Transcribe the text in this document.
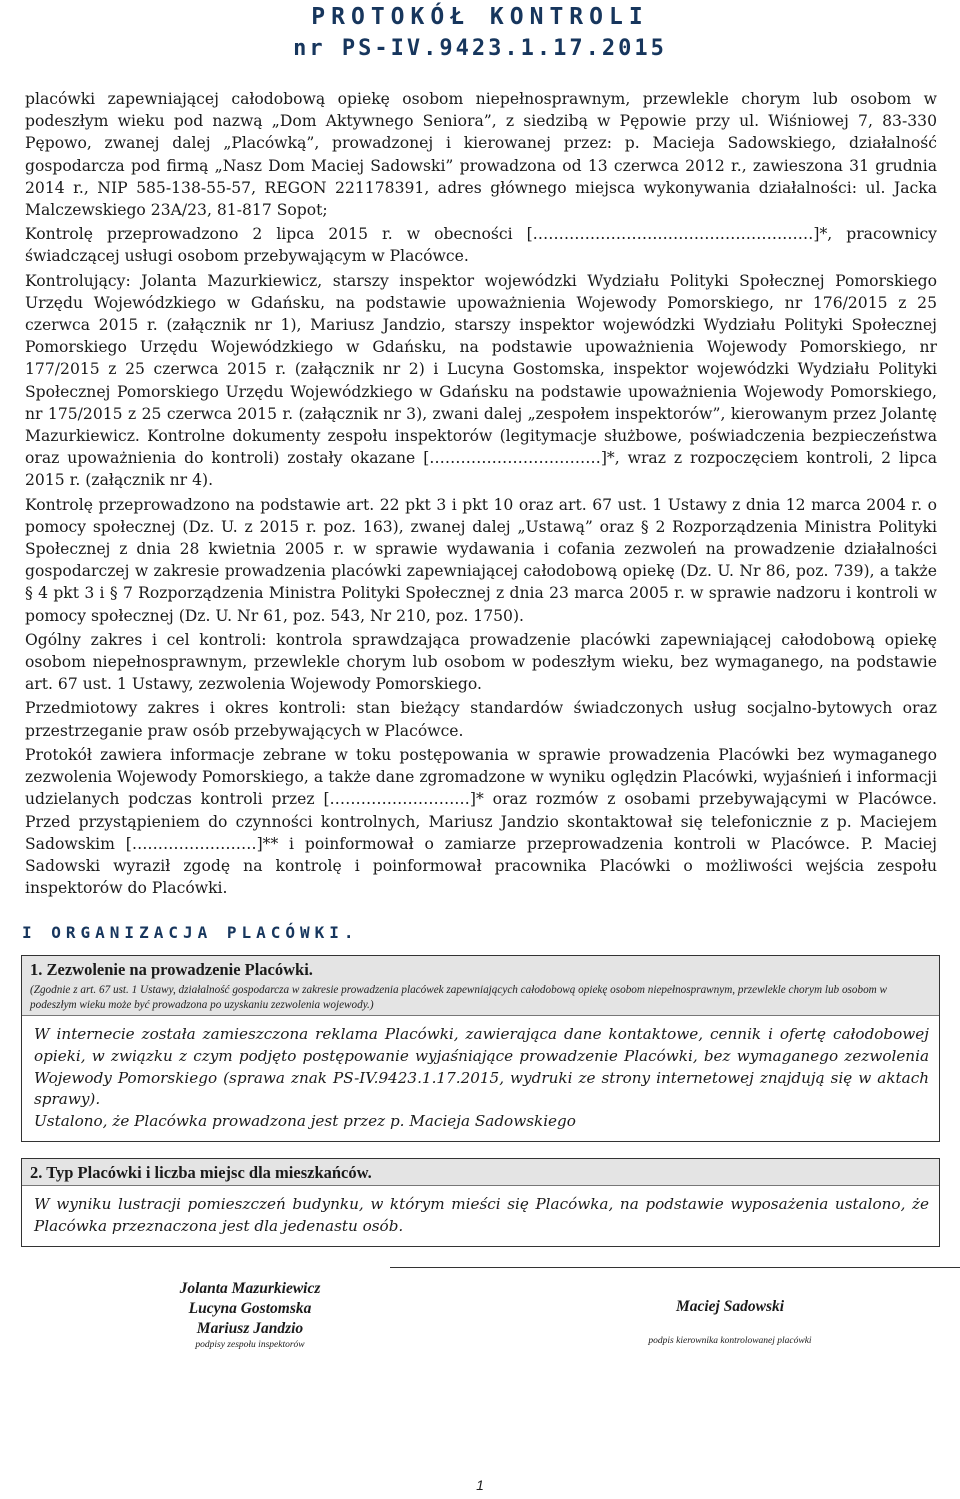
PROTOKÓŁ KONTROLI
nr PS-IV.9423.1.17.2015

placówki zapewniającej całodobową opiekę osobom niepełnosprawnym, przewlekle chorym lub osobom w podeszłym wieku pod nazwą „Dom Aktywnego Seniora”, z siedzibą w Pępowie przy ul. Wiśniowej 7, 83-330 Pępowo, zwanej dalej „Placówką”, prowadzonej i kierowanej przez: p. Macieja Sadowskiego, działalność gospodarcza pod firmą „Nasz Dom Maciej Sadowski” prowadzona od 13 czerwca 2012 r., zawieszona 31 grudnia 2014 r., NIP 585-138-55-57, REGON 221178391, adres głównego miejsca wykonywania działalności: ul. Jacka Malczewskiego 23A/23, 81-817 Sopot;

Kontrolę przeprowadzono 2 lipca 2015 r. w obecności [………………………………………………]*, pracownicy świadczącej usługi osobom przebywającym w Placówce.

Kontrolujący: Jolanta Mazurkiewicz, starszy inspektor wojewódzki Wydziału Polityki Społecznej Pomorskiego Urzędu Wojewódzkiego w Gdańsku, na podstawie upoważnienia Wojewody Pomorskiego, nr 176/2015 z 25 czerwca 2015 r. (załącznik nr 1), Mariusz Jandzio, starszy inspektor wojewódzki Wydziału Polityki Społecznej Pomorskiego Urzędu Wojewódzkiego w Gdańsku, na podstawie upoważnienia Wojewody Pomorskiego, nr 177/2015 z 25 czerwca 2015 r. (załącznik nr 2) i Lucyna Gostomska, inspektor wojewódzki Wydziału Polityki Społecznej Pomorskiego Urzędu Wojewódzkiego w Gdańsku na podstawie upoważnienia Wojewody Pomorskiego, nr 175/2015 z 25 czerwca 2015 r. (załącznik nr 3), zwani dalej „zespołem inspektorów”, kierowanym przez Jolantę Mazurkiewicz. Kontrolne dokumenty zespołu inspektorów (legitymacje służbowe, poświadczenia bezpieczeństwa oraz upoważnienia do kontroli) zostały okazane [……………………………]*, wraz z rozpoczęciem kontroli, 2 lipca 2015 r. (załącznik nr 4).

Kontrolę przeprowadzono na podstawie art. 22 pkt 3 i pkt 10 oraz art. 67 ust. 1 Ustawy z dnia 12 marca 2004 r. o pomocy społecznej (Dz. U. z 2015 r. poz. 163), zwanej dalej „Ustawą” oraz § 2 Rozporządzenia Ministra Polityki Społecznej z dnia 28 kwietnia 2005 r. w sprawie wydawania i cofania zezwoleń na prowadzenie działalności gospodarczej w zakresie prowadzenia placówki zapewniającej całodobową opiekę (Dz. U. Nr 86, poz. 739), a także § 4 pkt 3 i § 7 Rozporządzenia Ministra Polityki Społecznej z dnia 23 marca 2005 r. w sprawie nadzoru i kontroli w pomocy społecznej (Dz. U. Nr 61, poz. 543, Nr 210, poz. 1750).

Ogólny zakres i cel kontroli: kontrola sprawdzająca prowadzenie placówki zapewniającej całodobową opiekę osobom niepełnosprawnym, przewlekle chorym lub osobom w podeszłym wieku, bez wymaganego, na podstawie art. 67 ust. 1 Ustawy, zezwolenia Wojewody Pomorskiego.

Przedmiotowy zakres i okres kontroli: stan bieżący standardów świadczonych usług socjalno-bytowych oraz przestrzeganie praw osób przebywających w Placówce.

Protokół zawiera informacje zebrane w toku postępowania w sprawie prowadzenia Placówki bez wymaganego zezwolenia Wojewody Pomorskiego, a także dane zgromadzone w wyniku oględzin Placówki, wyjaśnień i informacji udzielanych podczas kontroli przez [………………………]* oraz rozmów z osobami przebywającymi w Placówce. Przed przystąpieniem do czynności kontrolnych, Mariusz Jandzio skontaktował się telefonicznie z p. Maciejem Sadowskim [……………………]** i poinformował o zamiarze przeprowadzenia kontroli w Placówce. P. Maciej Sadowski wyraził zgodę na kontrolę i poinformował pracownika Placówki o możliwości wejścia zespołu inspektorów do Placówki.

I ORGANIZACJA PLACÓWKI.
1. Zezwolenie na prowadzenie Placówki.
(Zgodnie z art. 67 ust. 1 Ustawy, działalność gospodarcza w zakresie prowadzenia placówek zapewniających całodobową opiekę osobom niepełnosprawnym, przewlekle chorym lub osobom w podeszłym wieku może być prowadzona po uzyskaniu zezwolenia wojewody.)

W internecie została zamieszczona reklama Placówki, zawierająca dane kontaktowe, cennik i ofertę całodobowej opieki, w związku z czym podjęto postępowanie wyjaśniające prowadzenie Placówki, bez wymaganego zezwolenia Wojewody Pomorskiego (sprawa znak PS-IV.9423.1.17.2015, wydruki ze strony internetowej znajdują się w aktach sprawy).

Ustalono, że Placówka prowadzona jest przez p. Macieja Sadowskiego

2. Typ Placówki i liczba miejsc dla mieszkańców.

W wyniku lustracji pomieszczeń budynku, w którym mieści się Placówka, na podstawie wyposażenia ustalono, że Placówka przeznaczona jest dla jedenastu osób.

Jolanta Mazurkiewicz
Lucyna Gostomska
Mariusz Jandzio
podpisy zespołu inspektorów
Maciej Sadowski
podpis kierownika kontrolowanej placówki
1
